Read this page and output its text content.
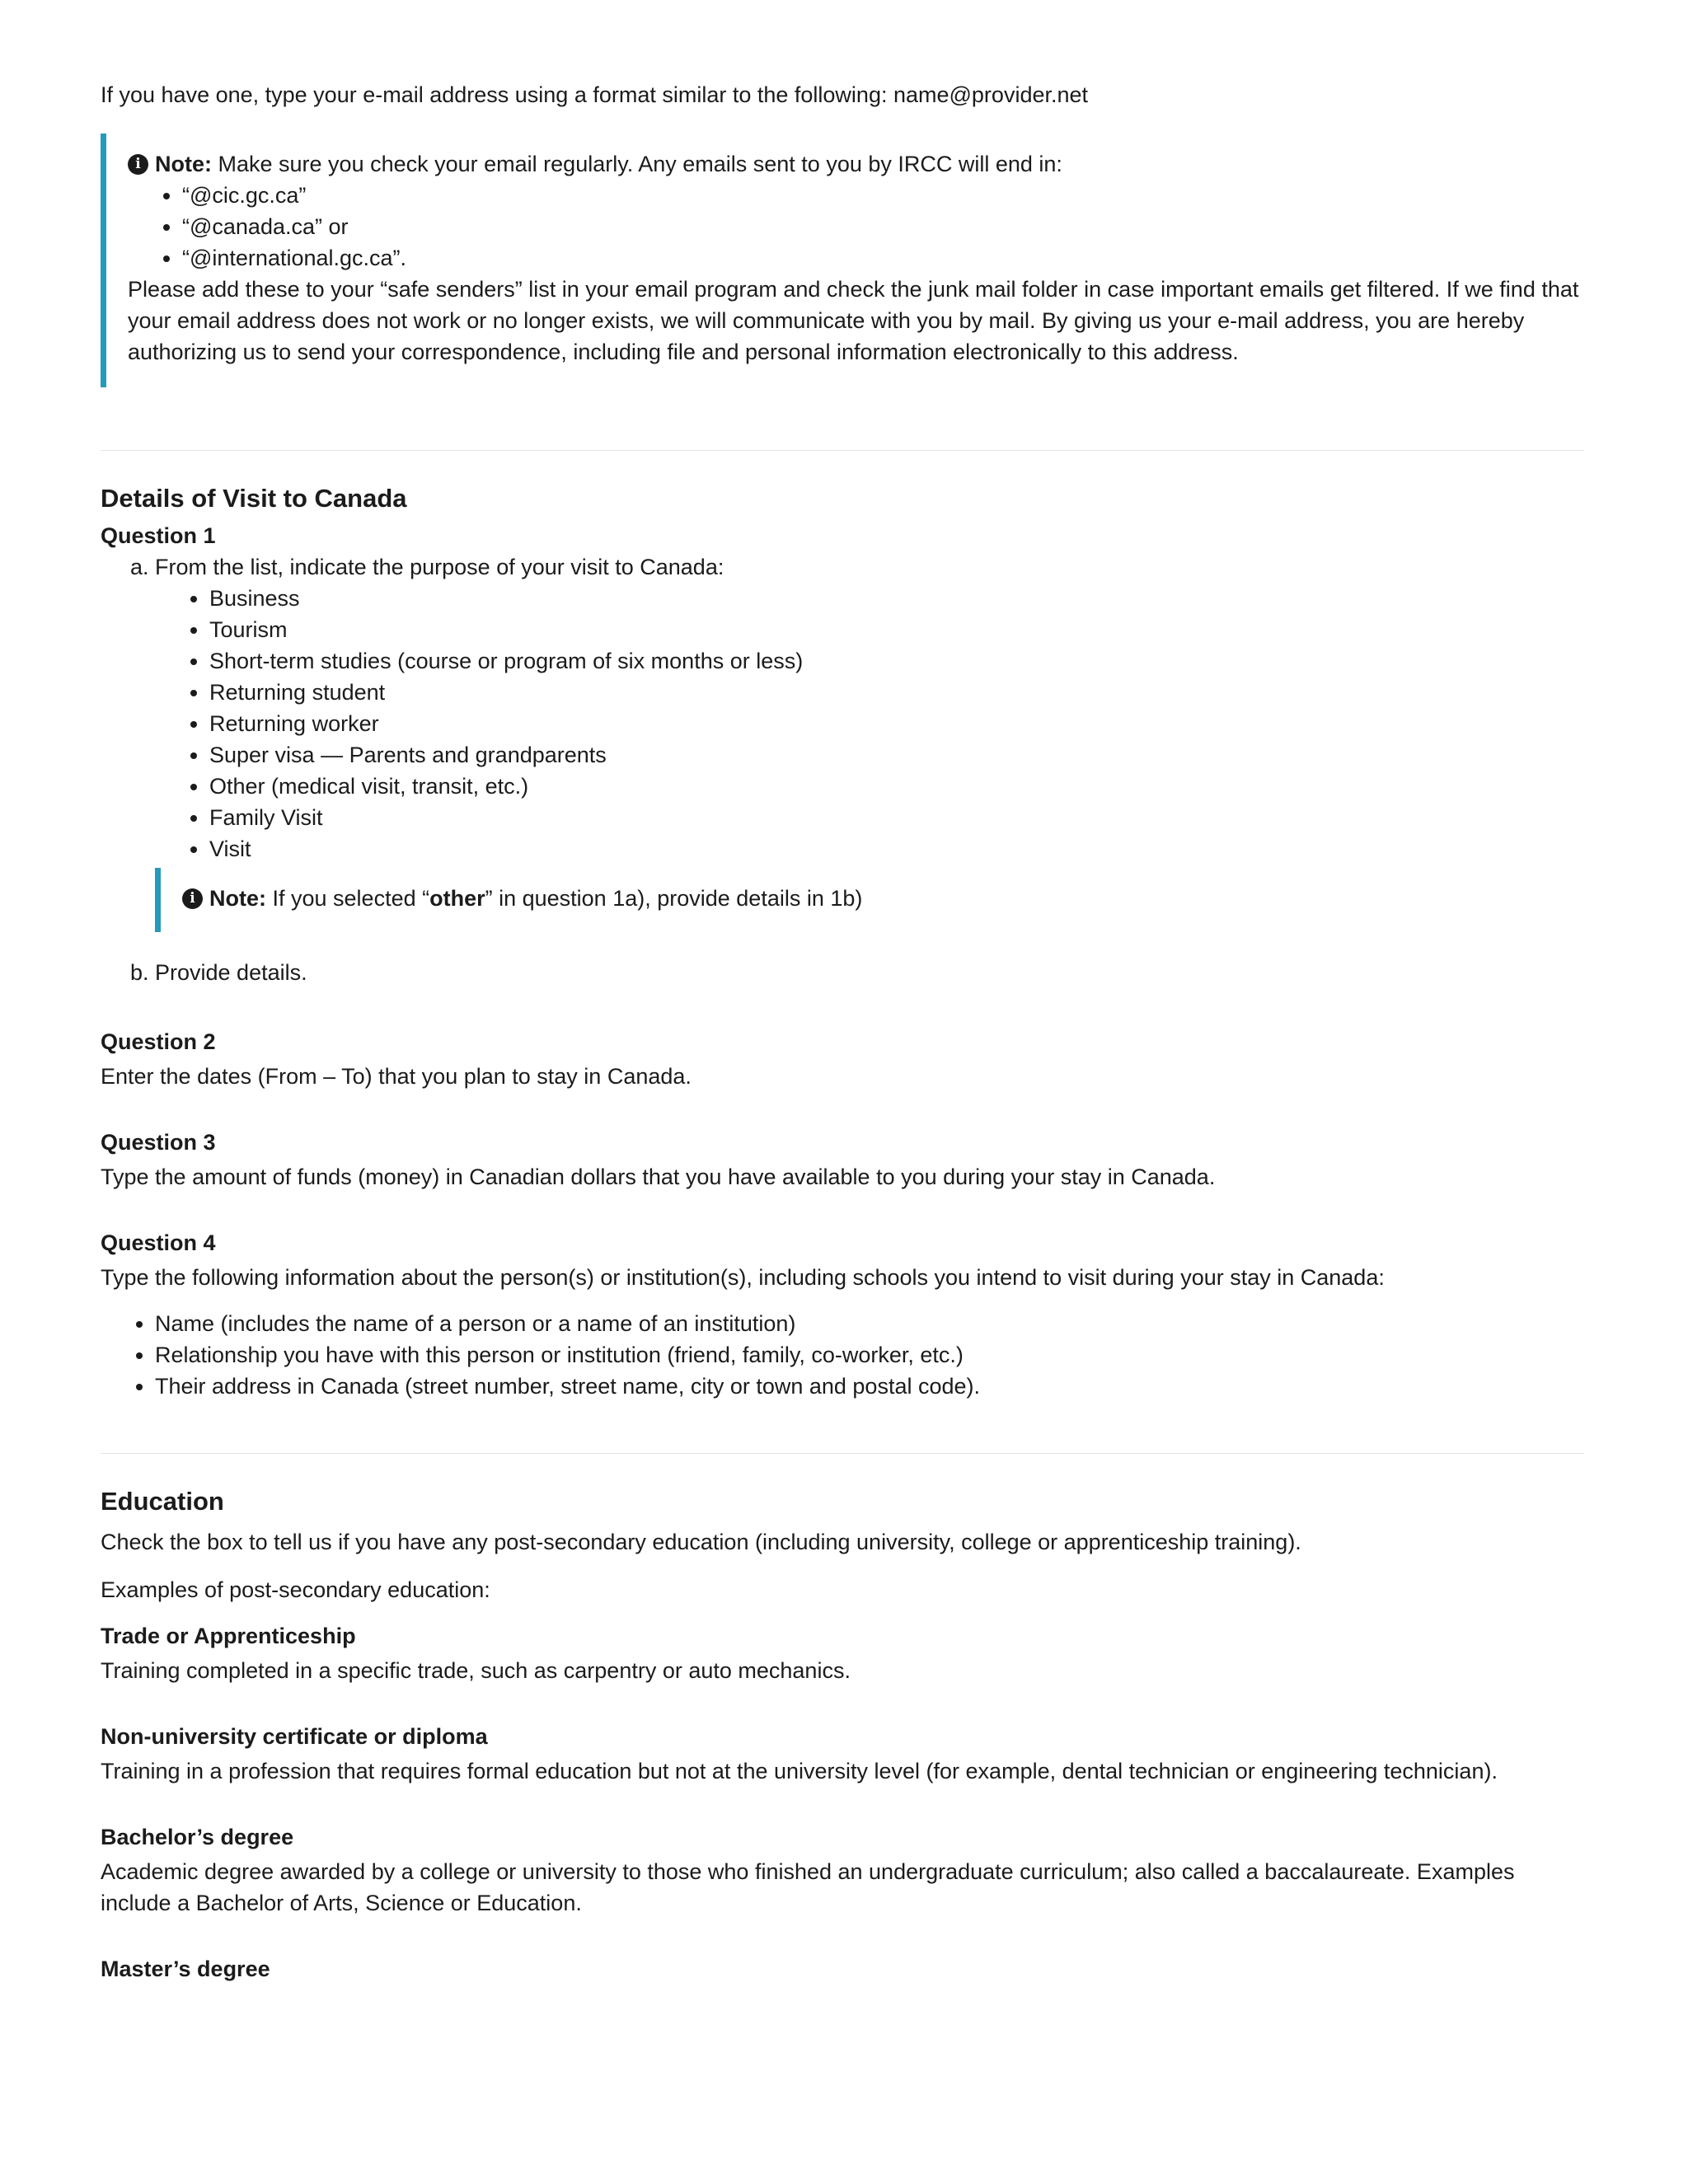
If you have one, type your e-mail address using a format similar to the following: name@provider.net

i Note: Make sure you check your email regularly. Any emails sent to you by IRCC will end in:
• “@cic.gc.ca”
• “@canada.ca” or
• “@international.gc.ca”.

Please add these to your “safe senders” list in your email program and check the junk mail folder in case important emails get filtered. If we find that your email address does not work or no longer exists, we will communicate with you by mail. By giving us your e-mail address, you are hereby authorizing us to send your correspondence, including file and personal information electronically to this address.

Details of Visit to Canada
Question 1
a. From the list, indicate the purpose of your visit to Canada:
• Business
• Tourism
• Short-term studies (course or program of six months or less)
• Returning student
• Returning worker
• Super visa — Parents and grandparents
• Other (medical visit, transit, etc.)
• Family Visit
• Visit
i Note: If you selected “ other ” in question 1a), provide details in 1b)
b. Provide details.
Question 2

Enter the dates (From – To) that you plan to stay in Canada.

Question 3

Type the amount of funds (money) in Canadian dollars that you have available to you during your stay in Canada.

Question 4

Type the following information about the person(s) or institution(s), including schools you intend to visit during your stay in Canada:

• Name (includes the name of a person or a name of an institution)
• Relationship you have with this person or institution (friend, family, co-worker, etc.)
• Their address in Canada (street number, street name, city or town and postal code).
Education

Check the box to tell us if you have any post-secondary education (including university, college or apprenticeship training).

Examples of post-secondary education:

Trade or Apprenticeship

Training completed in a specific trade, such as carpentry or auto mechanics.

Non-university certificate or diploma

Training in a profession that requires formal education but not at the university level (for example, dental technician or engineering technician).

Bachelor’s degree

Academic degree awarded by a college or university to those who finished an undergraduate curriculum; also called a baccalaureate. Examples include a Bachelor of Arts, Science or Education.

Master’s degree
